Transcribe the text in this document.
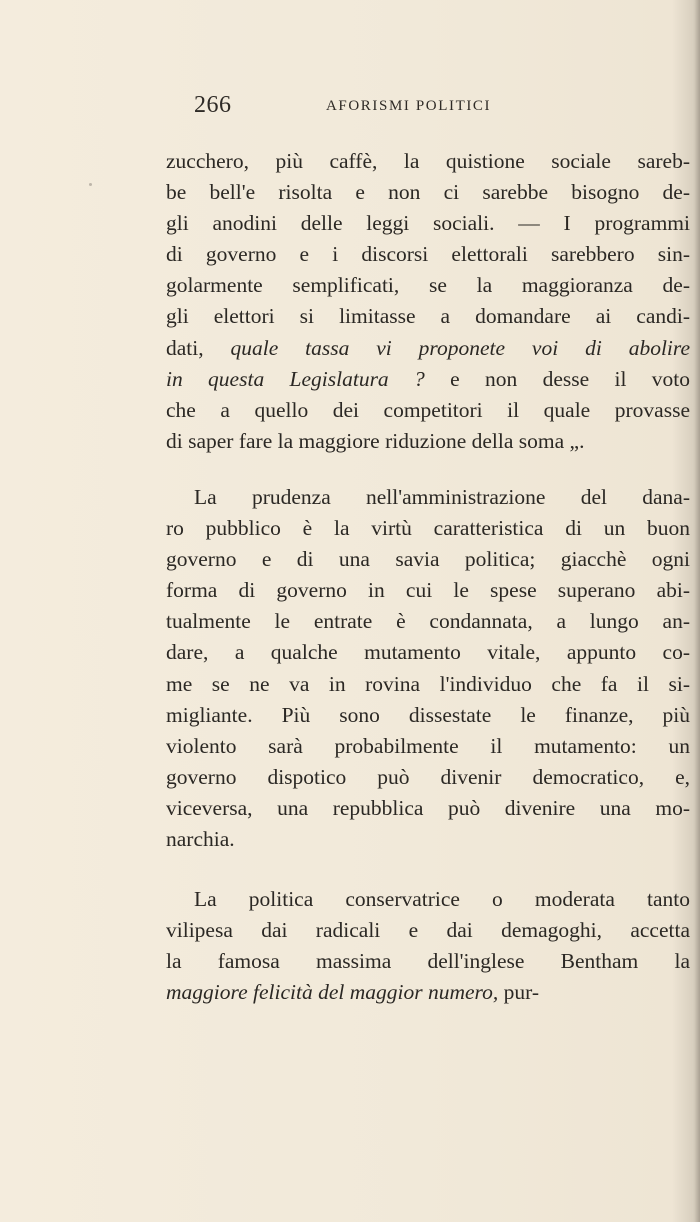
266	AFORISMI POLITICI
zucchero, più caffè, la quistione sociale sareb-
be bell'e risolta e non ci sarebbe bisogno de-
gli anodini delle leggi sociali. — I programmi
di governo e i discorsi elettorali sarebbero sin-
golarmente semplificati, se la maggioranza de-
gli elettori si limitasse a domandare ai candi-
dati, quale tassa vi proponete voi di abolire
in questa Legislatura ? e non desse il voto
che a quello dei competitori il quale provasse
di saper fare la maggiore riduzione della soma „.
La prudenza nell'amministrazione del dana-
ro pubblico è la virtù caratteristica di un buon
governo e di una savia politica; giacchè ogni
forma di governo in cui le spese superano abi-
tualmente le entrate è condannata, a lungo an-
dare, a qualche mutamento vitale, appunto co-
me se ne va in rovina l'individuo che fa il si-
migliante. Più sono dissestate le finanze, più
violento sarà probabilmente il mutamento: un
governo dispotico può divenir democratico, e,
viceversa, una repubblica può divenire una mo-
narchia.
La politica conservatrice o moderata tanto
vilipesa dai radicali e dai demagoghi, accetta
la famosa massima dell'inglese Bentham la
maggiore felicità del maggior numero, pur-
